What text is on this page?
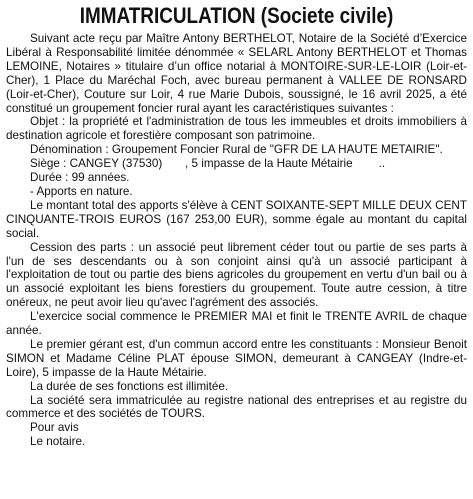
IMMATRICULATION (Societe civile)

Suivant acte reçu par Maître Antony BERTHELOT, Notaire de la Société d’Exercice Libéral à Responsabilité limitée dénommée « SELARL Antony BERTHELOT et Thomas LEMOINE, Notaires » titulaire d’un office notarial à MONTOIRE-SUR-LE-LOIR (Loir-et-Cher), 1 Place du Maréchal Foch, avec bureau permanent à VALLEE DE RONSARD (Loir-et-Cher), Couture sur Loir, 4 rue Marie Dubois, soussigné, le 16 avril 2025, a été constitué un groupement foncier rural ayant les caractéristiques suivantes :

Objet : la propriété et l'administration de tous les immeubles et droits immobiliers à destination agricole et forestière composant son patrimoine.

Dénomination : Groupement Foncier Rural de "GFR DE LA HAUTE METAIRIE".

Siège : CANGEY (37530)       , 5 impasse de la Haute Métairie        ..

Durée : 99 années.

- Apports en nature.

Le montant total des apports s'élève à CENT SOIXANTE-SEPT MILLE DEUX CENT CINQUANTE-TROIS EUROS (167 253,00 EUR), somme égale au montant du capital social.

Cession des parts : un associé peut librement céder tout ou partie de ses parts à l'un de ses descendants ou à son conjoint ainsi qu'à un associé participant à l'exploitation de tout ou partie des biens agricoles du groupement en vertu d'un bail ou à un associé exploitant les biens forestiers du groupement. Toute autre cession, à titre onéreux, ne peut avoir lieu qu'avec l'agrément des associés.

L'exercice social commence le PREMIER MAI et finit le TRENTE AVRIL de chaque année.

Le premier gérant est, d'un commun accord entre les constituants : Monsieur Benoit SIMON et Madame Céline PLAT épouse SIMON, demeurant à CANGEAY (Indre-et-Loire), 5 impasse de la Haute Métairie.

La durée de ses fonctions est illimitée.

La société sera immatriculée au registre national des entreprises et au registre du commerce et des sociétés de TOURS.

Pour avis

Le notaire.
